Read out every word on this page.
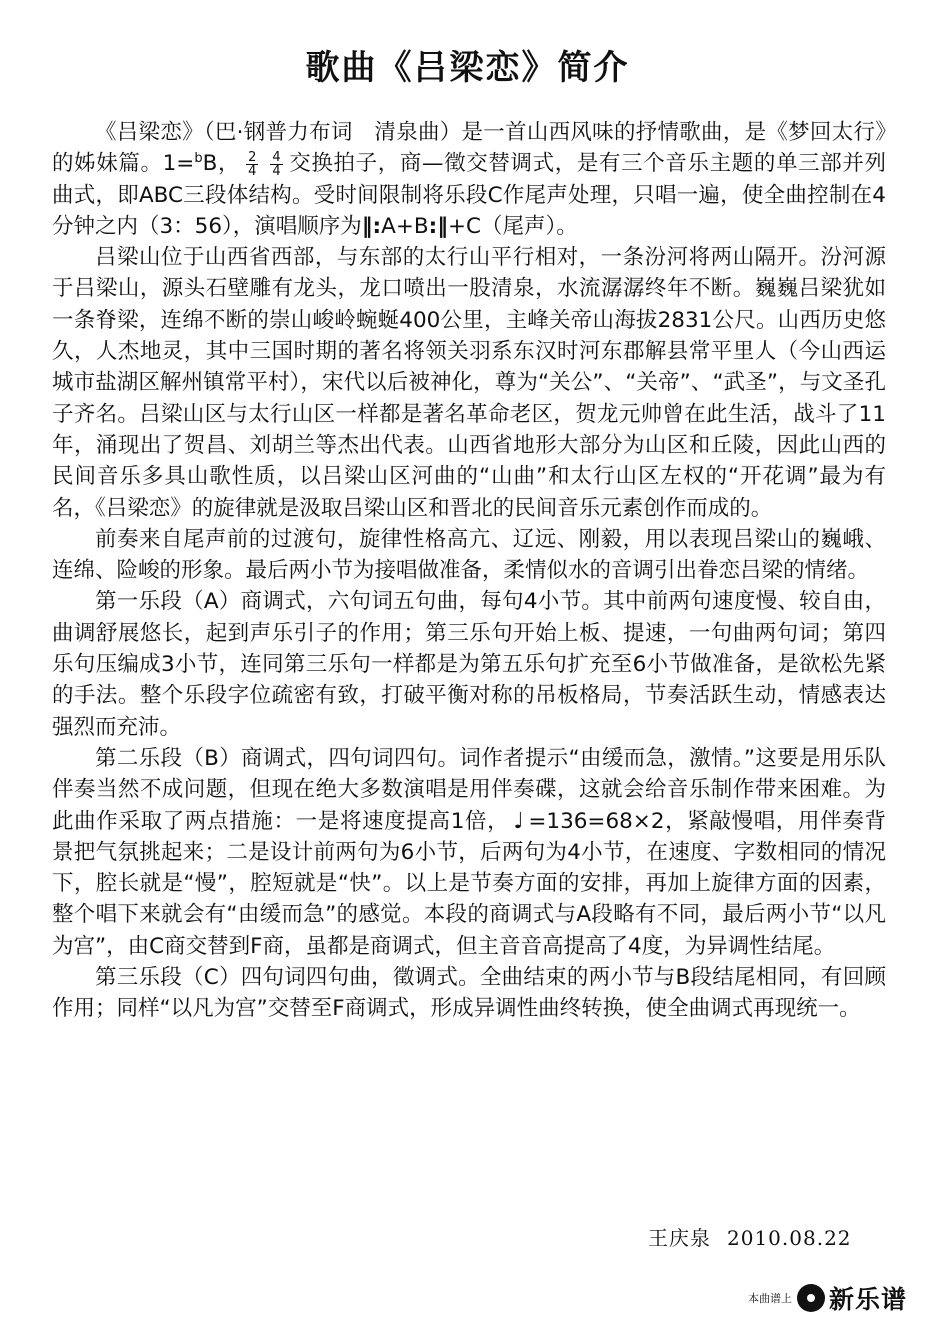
歌曲《吕梁恋》简介

《吕梁恋》（巴·钢普力布词　清泉曲）是一首山西风味的抒情歌曲，是《梦回太行》的姊妹篇。1=$^b$B， $\frac{2}{4} \frac{4}{4}$ 交换拍子，商—徵交替调式，是有三个音乐主题的单三部并列曲式，即ABC三段体结构。受时间限制将乐段C作尾声处理，只唱一遍，使全曲控制在4分钟之内（3：56），演唱顺序为‖:A+B:‖+C（尾声）。

吕梁山位于山西省西部，与东部的太行山平行相对，一条汾河将两山隔开。汾河源于吕梁山，源头石壁雕有龙头，龙口喷出一股清泉，水流潺潺终年不断。巍巍吕梁犹如一条脊梁，连绵不断的崇山峻岭蜿蜒400公里，主峰关帝山海拔2831公尺。山西历史悠久，人杰地灵，其中三国时期的著名将领关羽系东汉时河东郡解县常平里人（今山西运城市盐湖区解州镇常平村），宋代以后被神化，尊为“关公”、“关帝”、“武圣”，与文圣孔子齐名。吕梁山区与太行山区一样都是著名革命老区，贺龙元帅曾在此生活，战斗了11年，涌现出了贺昌、刘胡兰等杰出代表。山西省地形大部分为山区和丘陵，因此山西的民间音乐多具山歌性质，以吕梁山区河曲的“山曲”和太行山区左权的“开花调”最为有名，《吕梁恋》的旋律就是汲取吕梁山区和晋北的民间音乐元素创作而成的。

前奏来自尾声前的过渡句，旋律性格高亢、辽远、刚毅，用以表现吕梁山的巍峨、连绵、险峻的形象。最后两小节为接唱做准备，柔情似水的音调引出眷恋吕梁的情绪。

第一乐段（A）商调式，六句词五句曲，每句4小节。其中前两句速度慢、较自由，曲调舒展悠长，起到声乐引子的作用；第三乐句开始上板、提速，一句曲两句词；第四乐句压编成3小节，连同第三乐句一样都是为第五乐句扩充至6小节做准备，是欲松先紧的手法。整个乐段字位疏密有致，打破平衡对称的吊板格局，节奏活跃生动，情感表达强烈而充沛。

第二乐段（B）商调式，四句词四句。词作者提示“由缓而急，激情。”这要是用乐队伴奏当然不成问题，但现在绝大多数演唱是用伴奏碟，这就会给音乐制作带来困难。为此曲作采取了两点措施：一是将速度提高1倍， ♩ =136=68×2，紧敲慢唱，用伴奏背景把气氛挑起来；二是设计前两句为6小节，后两句为4小节，在速度、字数相同的情况下，腔长就是“慢”，腔短就是“快”。以上是节奏方面的安排，再加上旋律方面的因素，整个唱下来就会有“由缓而急”的感觉。本段的商调式与A段略有不同，最后两小节“以凡为宫”，由C商交替到F商，虽都是商调式，但主音音高提高了4度，为异调性结尾。

第三乐段（C）四句词四句曲，徵调式。全曲结束的两小节与B段结尾相同，有回顾作用；同样“以凡为宫”交替至F商调式，形成异调性曲终转换，使全曲调式再现统一。

王庆泉 2010.08.22
本曲谱上 新乐谱
